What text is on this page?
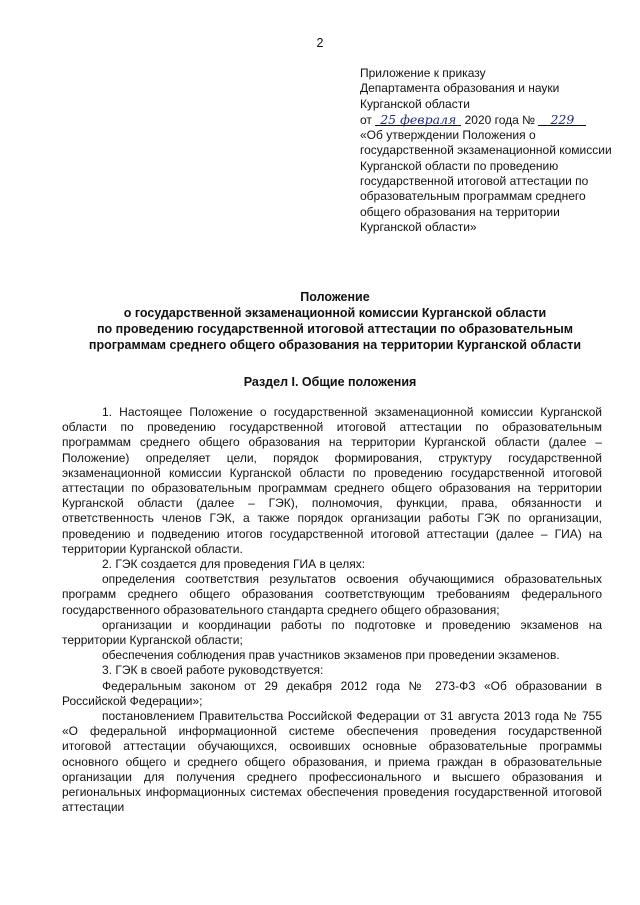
2
Приложение к приказу
Департамента образования и науки
Курганской области
от 25 февраля 2020 года № 229
«Об утверждении Положения о государственной экзаменационной комиссии Курганской области по проведению государственной итоговой аттестации по образовательным программам среднего общего образования на территории Курганской области»
Положение
о государственной экзаменационной комиссии Курганской области
по проведению государственной итоговой аттестации по образовательным
программам среднего общего образования на территории Курганской области
Раздел I. Общие положения

1. Настоящее Положение о государственной экзаменационной комиссии Курганской области по проведению государственной итоговой аттестации по образовательным программам среднего общего образования на территории Курганской области (далее – Положение) определяет цели, порядок формирования, структуру государственной экзаменационной комиссии Курганской области по проведению государственной итоговой аттестации по образовательным программам среднего общего образования на территории Курганской области (далее – ГЭК), полномочия, функции, права, обязанности и ответственность членов ГЭК, а также порядок организации работы ГЭК по организации, проведению и подведению итогов государственной итоговой аттестации (далее – ГИА) на территории Курганской области.

2. ГЭК создается для проведения ГИА в целях:

определения соответствия результатов освоения обучающимися образовательных программ среднего общего образования соответствующим требованиям федерального государственного образовательного стандарта среднего общего образования;

организации и координации работы по подготовке и проведению экзаменов на территории Курганской области;

обеспечения соблюдения прав участников экзаменов при проведении экзаменов.

3. ГЭК в своей работе руководствуется:

Федеральным законом от 29 декабря 2012 года № 273-ФЗ «Об образовании в Российской Федерации»;

постановлением Правительства Российской Федерации от 31 августа 2013 года № 755 «О федеральной информационной системе обеспечения проведения государственной итоговой аттестации обучающихся, освоивших основные образовательные программы основного общего и среднего общего образования, и приема граждан в образовательные организации для получения среднего профессионального и высшего образования и региональных информационных системах обеспечения проведения государственной итоговой аттестации
